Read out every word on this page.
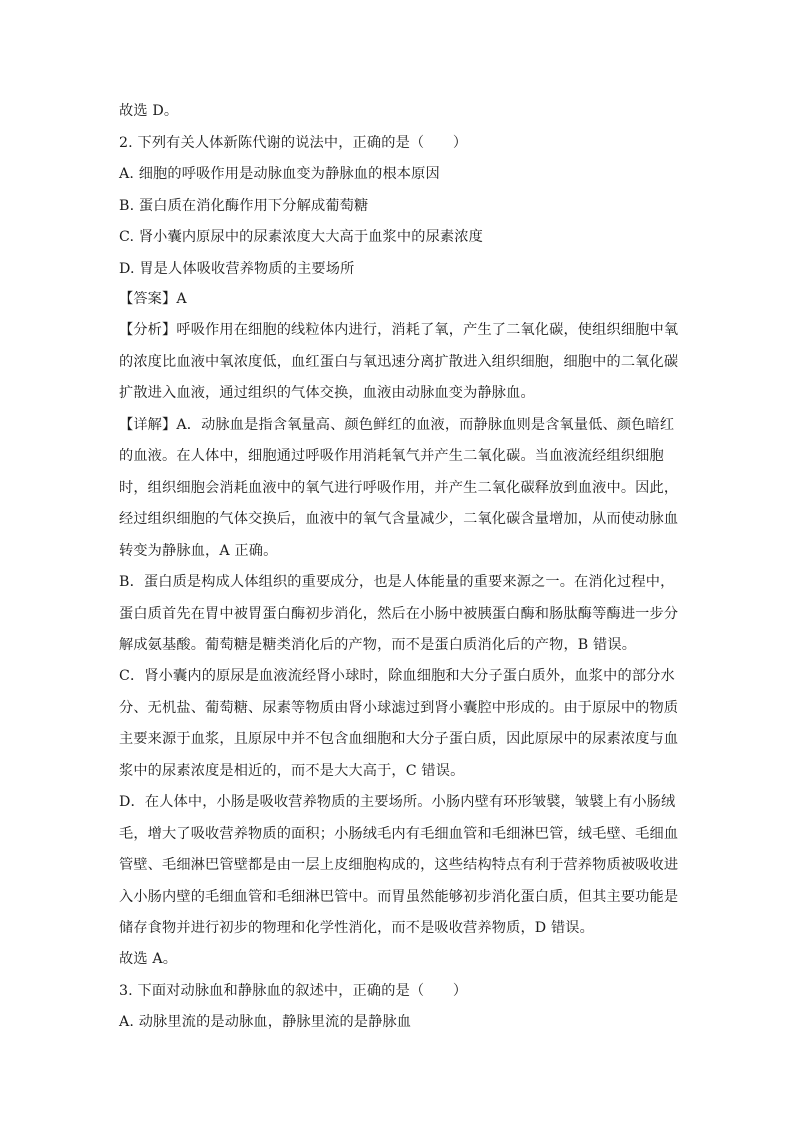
故选 D。
2. 下列有关人体新陈代谢的说法中，正确的是（　　）
A. 细胞的呼吸作用是动脉血变为静脉血的根本原因
B. 蛋白质在消化酶作用下分解成葡萄糖
C. 肾小囊内原尿中的尿素浓度大大高于血浆中的尿素浓度
D. 胃是人体吸收营养物质的主要场所
【答案】A
【分析】呼吸作用在细胞的线粒体内进行，消耗了氧，产生了二氧化碳，使组织细胞中氧
的浓度比血液中氧浓度低，血红蛋白与氧迅速分离扩散进入组织细胞，细胞中的二氧化碳
扩散进入血液，通过组织的气体交换，血液由动脉血变为静脉血。
【详解】A．动脉血是指含氧量高、颜色鲜红的血液，而静脉血则是含氧量低、颜色暗红
的血液。在人体中，细胞通过呼吸作用消耗氧气并产生二氧化碳。当血液流经组织细胞
时，组织细胞会消耗血液中的氧气进行呼吸作用，并产生二氧化碳释放到血液中。因此，
经过组织细胞的气体交换后，血液中的氧气含量减少，二氧化碳含量增加，从而使动脉血
转变为静脉血，A 正确。
B．蛋白质是构成人体组织的重要成分，也是人体能量的重要来源之一。在消化过程中，
蛋白质首先在胃中被胃蛋白酶初步消化，然后在小肠中被胰蛋白酶和肠肽酶等酶进一步分
解成氨基酸。葡萄糖是糖类消化后的产物，而不是蛋白质消化后的产物，B 错误。
C．肾小囊内的原尿是血液流经肾小球时，除血细胞和大分子蛋白质外，血浆中的部分水
分、无机盐、葡萄糖、尿素等物质由肾小球滤过到肾小囊腔中形成的。由于原尿中的物质
主要来源于血浆，且原尿中并不包含血细胞和大分子蛋白质，因此原尿中的尿素浓度与血
浆中的尿素浓度是相近的，而不是大大高于，C 错误。
D．在人体中，小肠是吸收营养物质的主要场所。小肠内壁有环形皱襞，皱襞上有小肠绒
毛，增大了吸收营养物质的面积；小肠绒毛内有毛细血管和毛细淋巴管，绒毛壁、毛细血
管壁、毛细淋巴管壁都是由一层上皮细胞构成的，这些结构特点有利于营养物质被吸收进
入小肠内壁的毛细血管和毛细淋巴管中。而胃虽然能够初步消化蛋白质，但其主要功能是
储存食物并进行初步的物理和化学性消化，而不是吸收营养物质，D 错误。
故选 A。
3. 下面对动脉血和静脉血的叙述中，正确的是（　　）
A. 动脉里流的是动脉血，静脉里流的是静脉血
